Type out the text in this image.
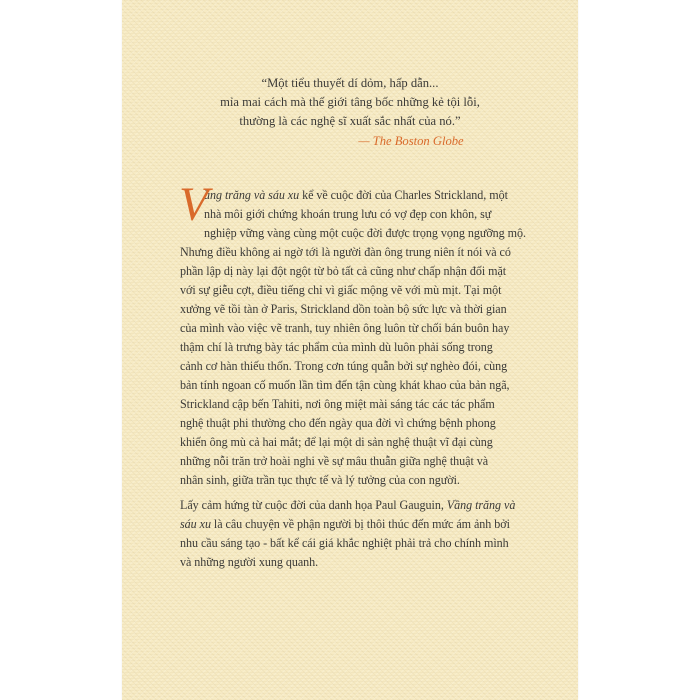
“Một tiểu thuyết dí dỏm, hấp dẫn...
mỉa mai cách mà thế giới tâng bốc những kẻ tội lỗi,
thường là các nghệ sĩ xuất sắc nhất của nó.”
— The Boston Globe
V
ầng trăng và sáu xu kể về cuộc đời của Charles Strickland, một
nhà môi giới chứng khoán trung lưu có vợ đẹp con khôn, sự
nghiệp vững vàng cùng một cuộc đời được trọng vọng ngưỡng mộ.
Nhưng điều không ai ngờ tới là người đàn ông trung niên ít nói và có
phần lập dị này lại đột ngột từ bỏ tất cả cũng như chấp nhận đối mặt
với sự giễu cợt, điều tiếng chỉ vì giấc mộng vẽ với mù mịt. Tại một
xưởng vẽ tồi tàn ở Paris, Strickland dồn toàn bộ sức lực và thời gian
của mình vào việc vẽ tranh, tuy nhiên ông luôn từ chối bán buôn hay
thậm chí là trưng bày tác phẩm của mình dù luôn phải sống trong
cảnh cơ hàn thiếu thốn. Trong cơn túng quẫn bởi sự nghèo đói, cùng
bản tính ngoan cố muốn lần tìm đến tận cùng khát khao của bản ngã,
Strickland cập bến Tahiti, nơi ông miệt mài sáng tác các tác phẩm
nghệ thuật phi thường cho đến ngày qua đời vì chứng bệnh phong
khiến ông mù cả hai mắt; để lại một di sản nghệ thuật vĩ đại cùng
những nỗi trăn trở hoài nghi về sự mâu thuẫn giữa nghệ thuật và
nhân sinh, giữa trần tục thực tế và lý tưởng của con người.
Lấy cảm hứng từ cuộc đời của danh họa Paul Gauguin, Vầng trăng và
sáu xu là câu chuyện về phận người bị thôi thúc đến mức ám ảnh bởi
nhu cầu sáng tạo - bất kể cái giá khắc nghiệt phải trả cho chính mình
và những người xung quanh.
